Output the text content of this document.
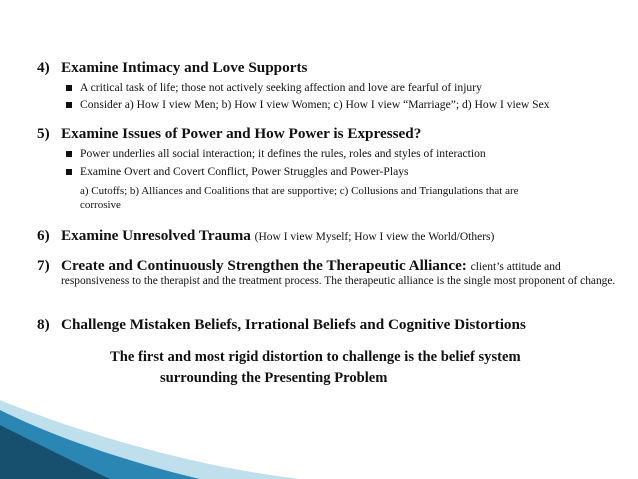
4) Examine Intimacy and Love Supports
A critical task of life; those not actively seeking affection and love are fearful of injury
Consider a) How I view Men; b) How I view Women; c) How I view “Marriage”; d) How I view Sex
5) Examine Issues of Power and How Power is Expressed?
Power underlies all social interaction; it defines the rules, roles and styles of interaction
Examine Overt and Covert Conflict, Power Struggles and Power-Plays
a) Cutoffs; b) Alliances and Coalitions that are supportive; c) Collusions and Triangulations that are
corrosive
6) Examine Unresolved Trauma (How I view Myself; How I view the World/Others)
7) Create and Continuously Strengthen the Therapeutic Alliance: client’s attitude and
responsiveness to the therapist and the treatment process. The therapeutic alliance is the single most proponent of change.
8) Challenge Mistaken Beliefs, Irrational Beliefs and Cognitive Distortions
The first and most rigid distortion to challenge is the belief system
surrounding the Presenting Problem
